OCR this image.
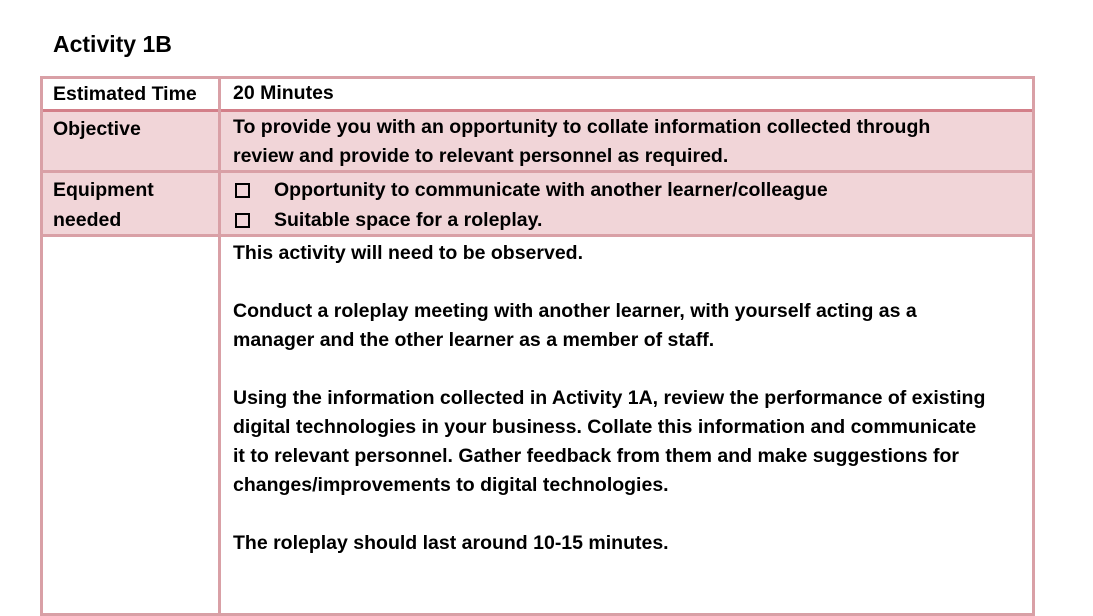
Activity 1B
Estimated Time	20 Minutes
Objective	To provide you with an opportunity to collate information collected through review and provide to relevant personnel as required.
Equipment needed
Opportunity to communicate with another learner/colleague
Suitable space for a roleplay.

This activity will need to be observed.

Conduct a roleplay meeting with another learner, with yourself acting as a manager and the other learner as a member of staff.

Using the information collected in Activity 1A, review the performance of existing digital technologies in your business. Collate this information and communicate it to relevant personnel. Gather feedback from them and make suggestions for changes/improvements to digital technologies.

The roleplay should last around 10-15 minutes.
